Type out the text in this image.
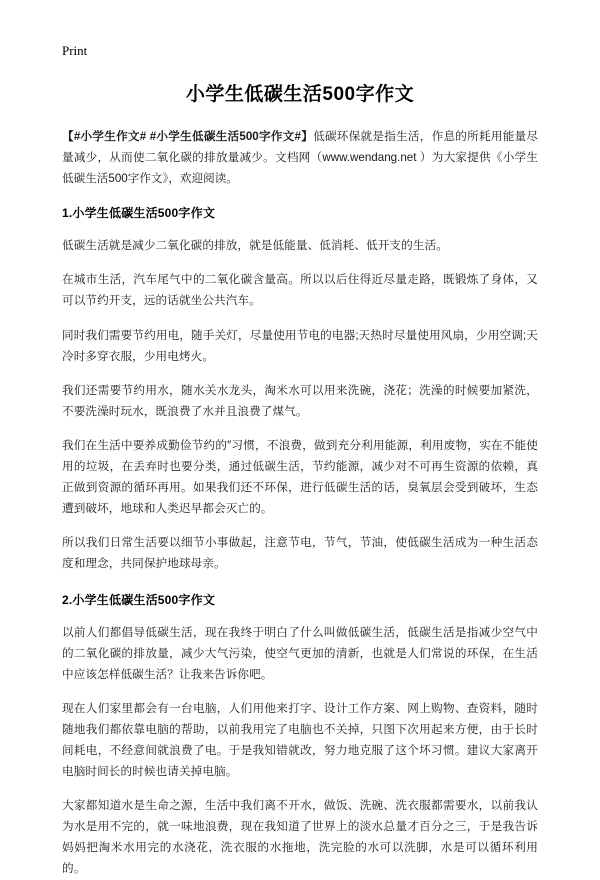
Print
小学生低碳生活500字作文

【#小学生作文# #小学生低碳生活500字作文#】低碳环保就是指生活，作息的所耗用能量尽量减少，从而使二氧化碳的排放量减少。文档网（www.wendang.net ）为大家提供《小学生低碳生活500字作文》，欢迎阅读。

1.小学生低碳生活500字作文

低碳生活就是减少二氧化碳的排放，就是低能量、低消耗、低开支的生活。

在城市生活，汽车尾气中的二氧化碳含量高。所以以后住得近尽量走路，既锻炼了身体，又可以节约开支，远的话就坐公共汽车。

同时我们需要节约用电，随手关灯，尽量使用节电的电器;天热时尽量使用风扇，少用空调;天冷时多穿衣服，少用电烤火。

我们还需要节约用水，随水关水龙头，淘米水可以用来洗碗，浇花；洗澡的时候要加紧洗，不要洗澡时玩水，既浪费了水并且浪费了煤气。

我们在生活中要养成勤俭节约的″习惯，不浪费，做到充分利用能源，利用废物，实在不能使用的垃圾，在丢弃时也要分类，通过低碳生活，节约能源，减少对不可再生资源的依赖，真正做到资源的循环再用。如果我们还不环保，进行低碳生活的话，臭氧层会受到破坏，生态遭到破坏，地球和人类迟早都会灭亡的。

所以我们日常生活要以细节小事做起，注意节电，节气，节油，使低碳生活成为一种生活态度和理念，共同保护地球母亲。

2.小学生低碳生活500字作文

以前人们都倡导低碳生活，现在我终于明白了什么叫做低碳生活，低碳生活是指减少空气中的二氧化碳的排放量，减少大气污染，使空气更加的清新，也就是人们常说的环保，在生活中应该怎样低碳生活？让我来告诉你吧。

现在人们家里都会有一台电脑，人们用他来打字、设计工作方案、网上购物、查资料，随时随地我们都依靠电脑的帮助，以前我用完了电脑也不关掉，只图下次用起来方便，由于长时间耗电，不经意间就浪费了电。于是我知错就改，努力地克服了这个坏习惯。建议大家离开电脑时间长的时候也请关掉电脑。

大家都知道水是生命之源，生活中我们离不开水，做饭、洗碗、洗衣服都需要水，以前我认为水是用不完的，就一味地浪费，现在我知道了世界上的淡水总量才百分之三，于是我告诉妈妈把淘米水用完的水浇花，洗衣服的水拖地，洗完脸的水可以洗脚，水是可以循环利用的。
